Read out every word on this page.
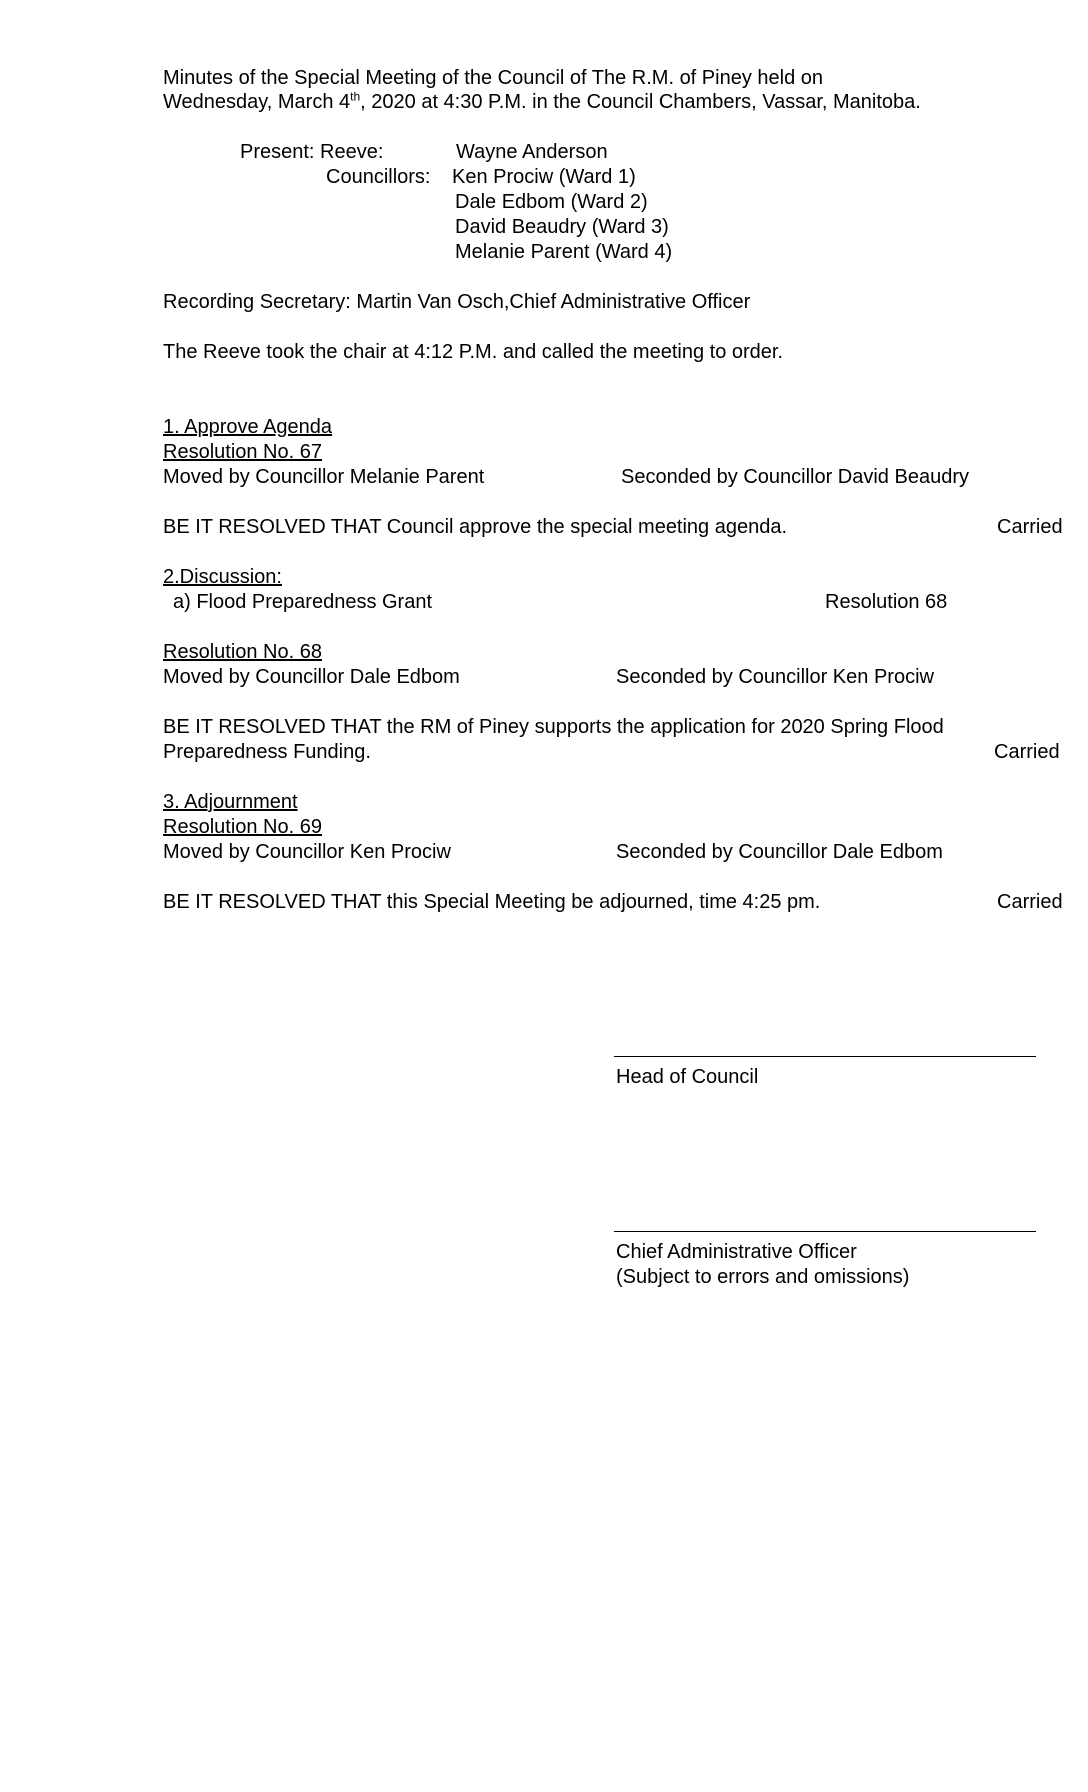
Minutes of the Special Meeting of the Council of The R.M. of Piney held on
Wednesday, March 4th, 2020 at 4:30 P.M. in the Council Chambers, Vassar, Manitoba.
Present: Reeve:	Wayne Anderson
Councillors: Ken Prociw (Ward 1)
Dale Edbom (Ward 2)
David Beaudry (Ward 3)
Melanie Parent (Ward 4)
Recording Secretary: Martin Van Osch,Chief Administrative Officer
The Reeve took the chair at 4:12 P.M. and called the meeting to order.
1. Approve Agenda
Resolution No. 67
Moved by Councillor Melanie Parent	Seconded by Councillor David Beaudry
BE IT RESOLVED THAT Council approve the special meeting agenda.	Carried
2.Discussion:
a) Flood Preparedness Grant	Resolution 68
Resolution No. 68
Moved by Councillor Dale Edbom	Seconded by Councillor Ken Prociw
BE IT RESOLVED THAT the RM of Piney supports the application for 2020 Spring Flood
Preparedness Funding.	Carried
3. Adjournment
Resolution No. 69
Moved by Councillor Ken Prociw	Seconded by Councillor Dale Edbom
BE IT RESOLVED THAT this Special Meeting be adjourned, time 4:25 pm.	Carried
Head of Council
Chief Administrative Officer
(Subject to errors and omissions)
